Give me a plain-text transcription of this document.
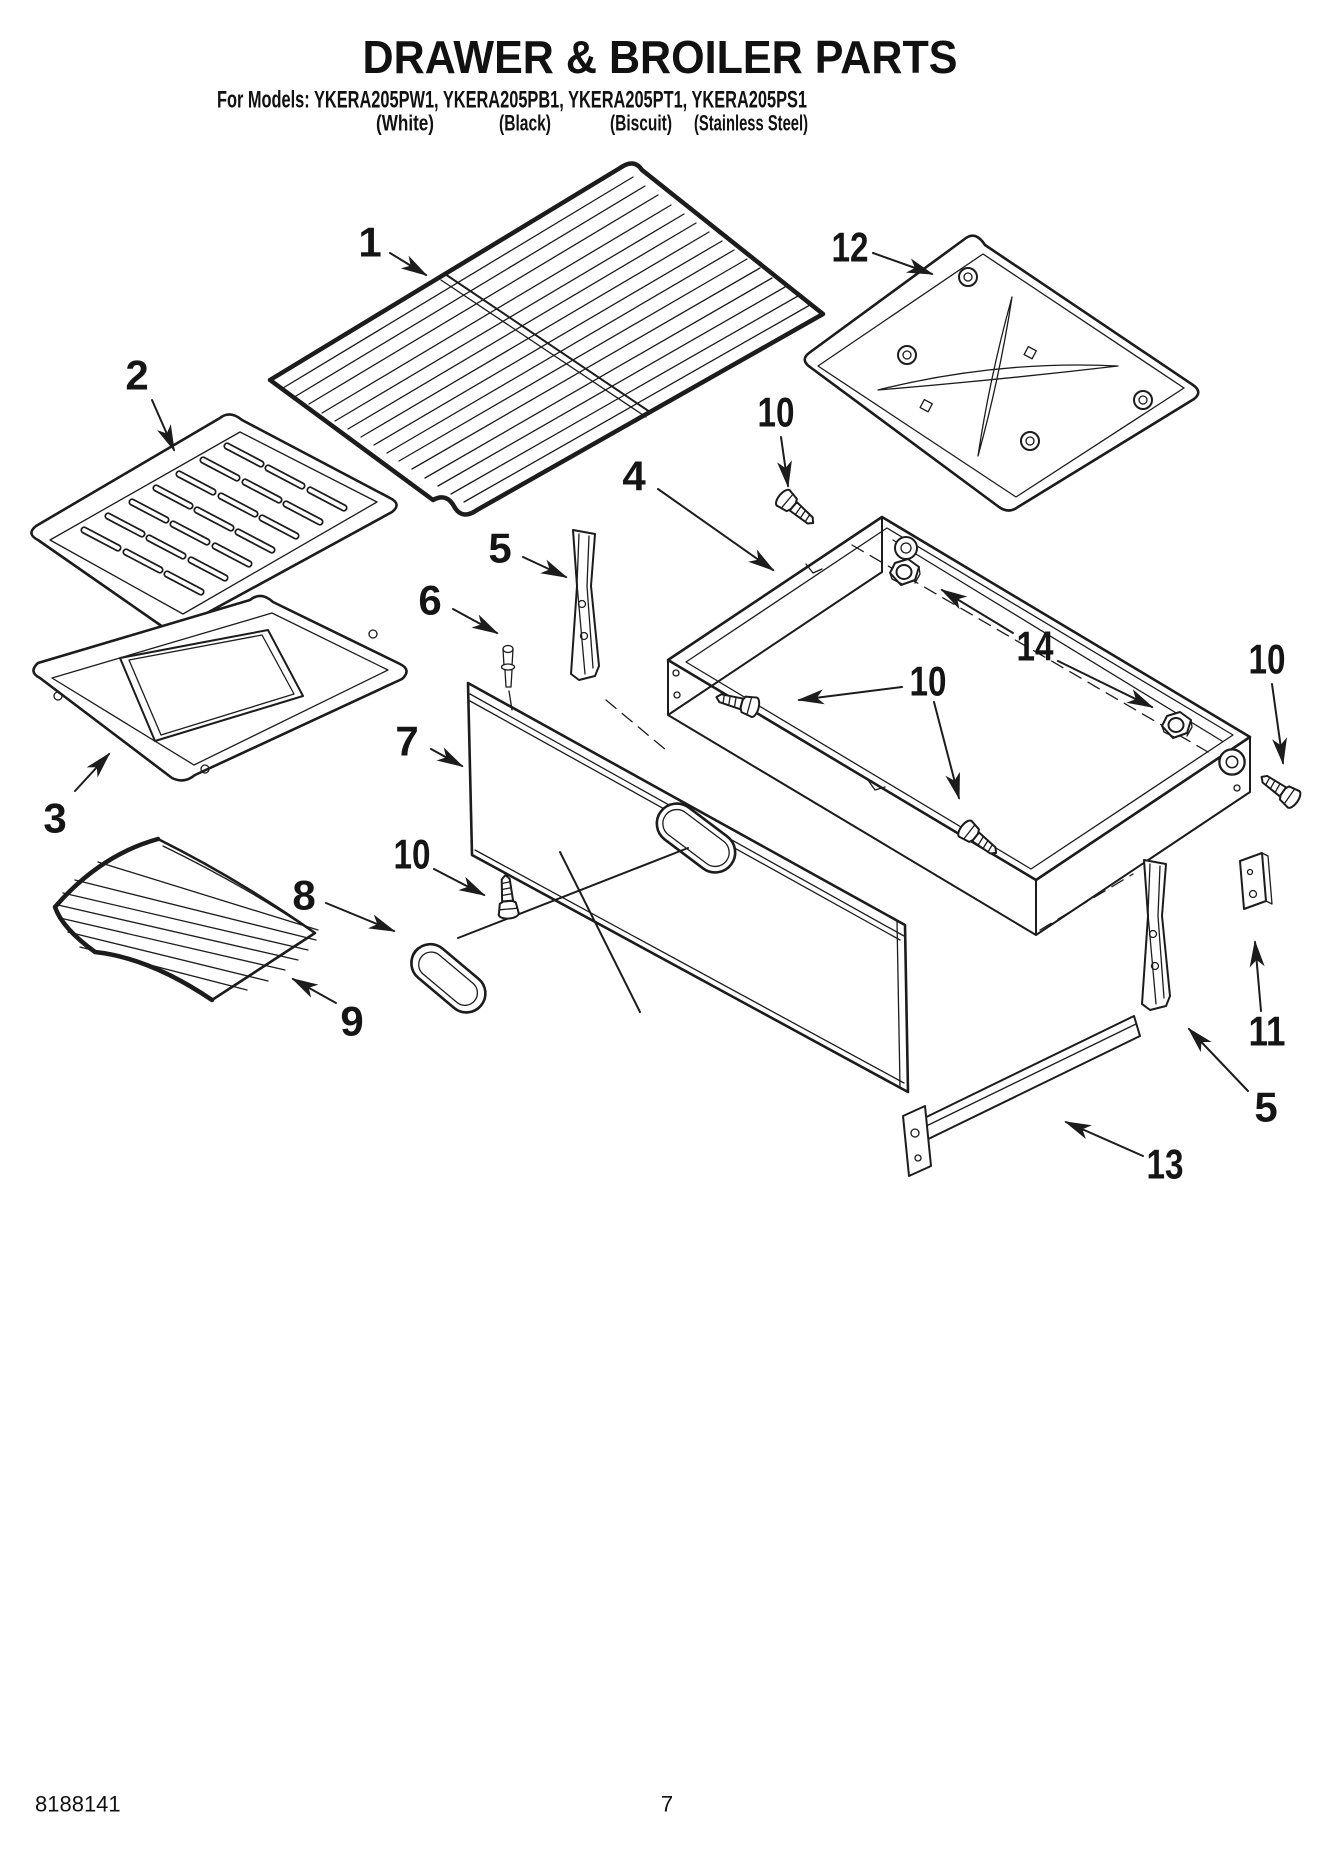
DRAWER & BROILER PARTS
For Models: YKERA205PW1, YKERA205PB1, YKERA205PT1, YKERA205PS1
(White)	(Black)	(Biscuit) (Stainless Steel)
1
2
3
4
5
6
7
8
9
10
10	10
10
11
5
13
12
14
8188141	7
